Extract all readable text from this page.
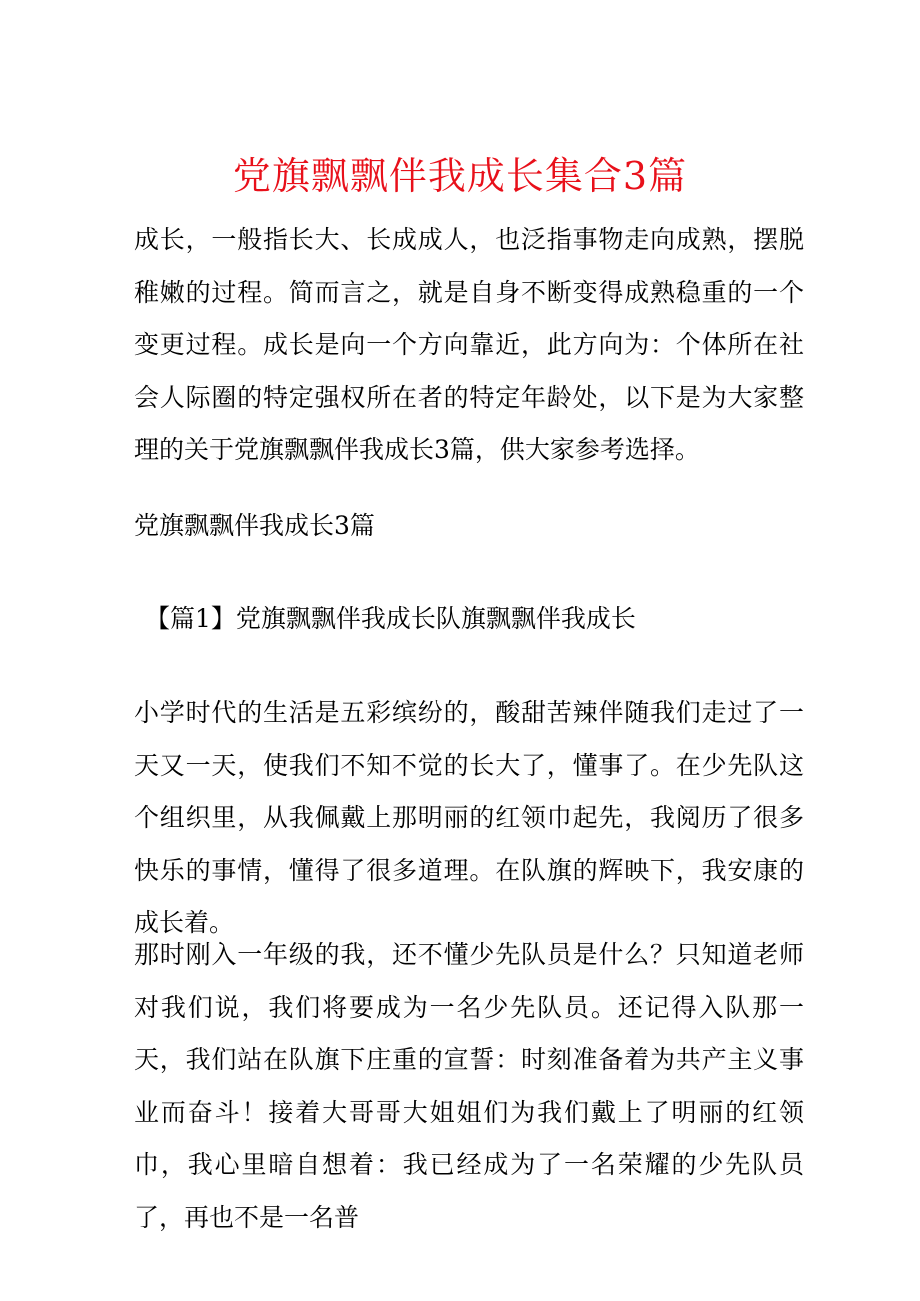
党旗飘飘伴我成长集合3篇

成长，一般指长大、长成成人，也泛指事物走向成熟，摆脱稚嫩的过程。简而言之，就是自身不断变得成熟稳重的一个变更过程。成长是向一个方向靠近，此方向为：个体所在社会人际圈的特定强权所在者的特定年龄处，以下是为大家整理的关于党旗飘飘伴我成长3篇，供大家参考选择。

党旗飘飘伴我成长3篇

【篇1】党旗飘飘伴我成长队旗飘飘伴我成长

小学时代的生活是五彩缤纷的，酸甜苦辣伴随我们走过了一天又一天，使我们不知不觉的长大了，懂事了。在少先队这个组织里，从我佩戴上那明丽的红领巾起先，我阅历了很多快乐的事情，懂得了很多道理。在队旗的辉映下，我安康的成长着。

那时刚入一年级的我，还不懂少先队员是什么？只知道老师对我们说，我们将要成为一名少先队员。还记得入队那一天，我们站在队旗下庄重的宣誓：时刻准备着为共产主义事业而奋斗！接着大哥哥大姐姐们为我们戴上了明丽的红领巾，我心里暗自想着：我已经成为了一名荣耀的少先队员了，再也不是一名普
